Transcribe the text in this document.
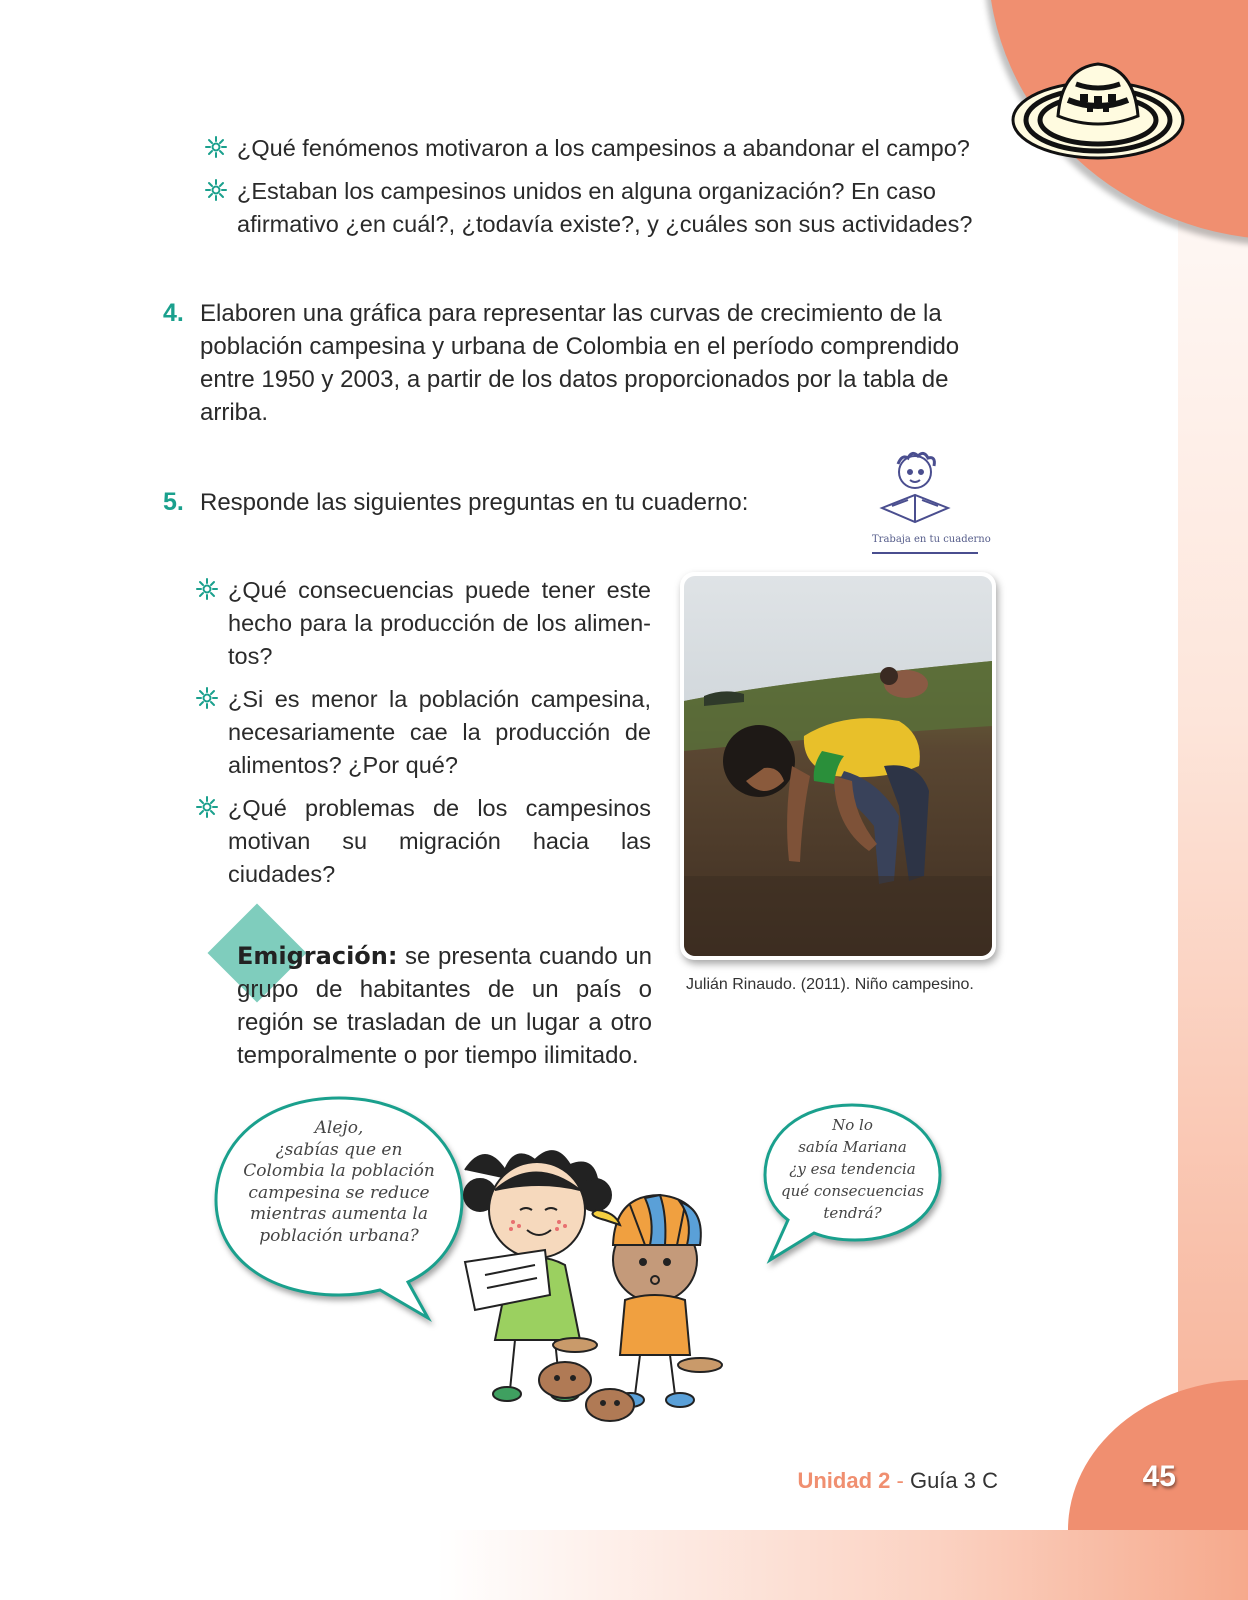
¿Qué fenómenos motivaron a los campesinos a abandonar el campo?
¿Estaban los campesinos unidos en alguna organización? En caso afirmativo ¿en cuál?, ¿todavía existe?, y ¿cuáles son sus actividades?

4. Elaboren una gráfica para representar las curvas de crecimiento de la población campesina y urbana de Colombia en el período comprendido entre 1950 y 2003, a partir de los datos proporcionados por la tabla de arriba.

5. Responde las siguientes preguntas en tu cuaderno:

Trabaja en tu cuaderno
¿Qué consecuencias puede tener este hecho para la producción de los alimentos?
¿Si es menor la población campesina, necesariamente cae la producción de alimentos? ¿Por qué?
¿Qué problemas de los campesinos motivan su migración hacia las ciudades?

Julián Rinaudo. (2011). Niño campesino.

Emigración: se presenta cuando un grupo de habitantes de un país o región se trasladan de un lugar a otro temporalmente o por tiempo ilimitado.

Alejo,
¿sabías que en
Colombia la población
campesina se reduce
mientras aumenta la
población urbana?

No lo
sabía Mariana
¿y esa tendencia
qué consecuencias
tendrá?

Unidad 2 - Guía 3 C	45
